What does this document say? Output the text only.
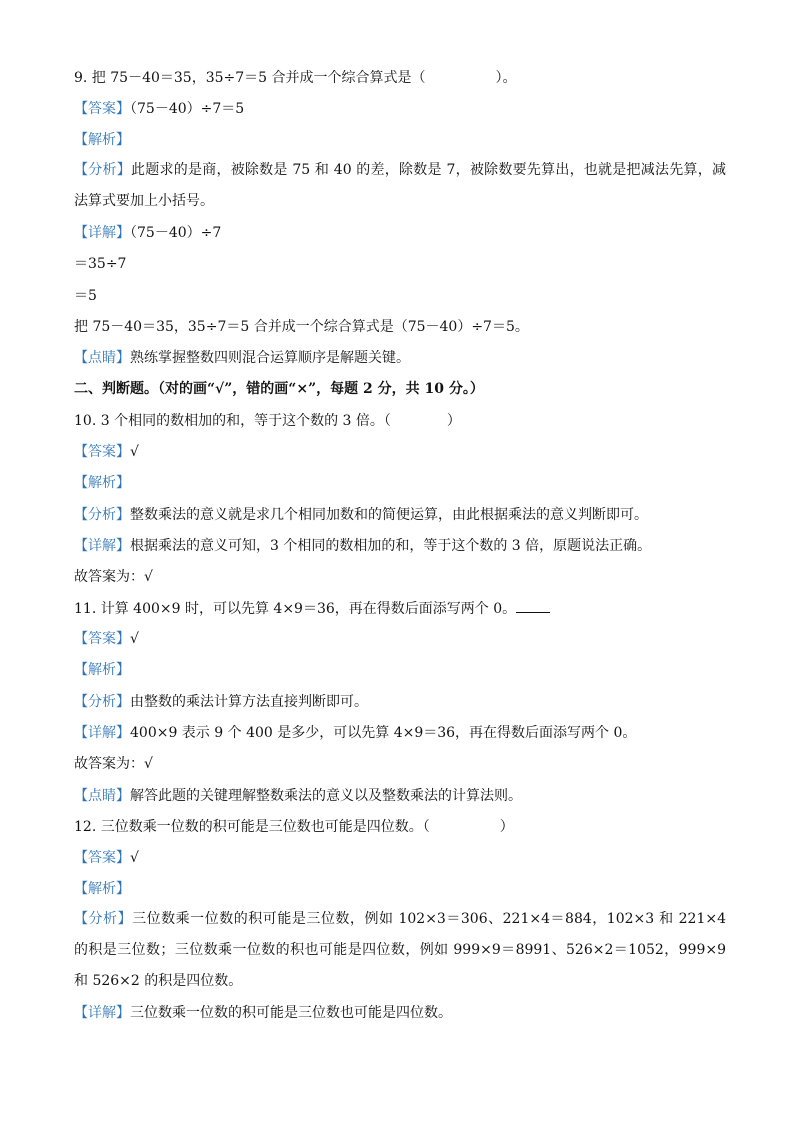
9. 把 75－40＝35，35÷7＝5 合并成一个综合算式是（　　　　　）。
【答案】（75－40）÷7＝5
【解析】
【分析】此题求的是商，被除数是 75 和 40 的差，除数是 7，被除数要先算出，也就是把减法先算，减法算式要加上小括号。
【详解】（75－40）÷7
＝35÷7
＝5
把 75－40＝35，35÷7＝5 合并成一个综合算式是（75－40）÷7＝5。
【点睛】熟练掌握整数四则混合运算顺序是解题关键。
二、判断题。（对的画“√”，错的画“×”，每题 2 分，共 10 分。）
10. 3 个相同的数相加的和，等于这个数的 3 倍。（　　　　）
【答案】√
【解析】
【分析】整数乘法的意义就是求几个相同加数和的简便运算，由此根据乘法的意义判断即可。
【详解】根据乘法的意义可知，3 个相同的数相加的和，等于这个数的 3 倍，原题说法正确。
故答案为：√
11. 计算 400×9 时，可以先算 4×9＝36，再在得数后面添写两个 0。
【答案】√
【解析】
【分析】由整数的乘法计算方法直接判断即可。
【详解】400×9 表示 9 个 400 是多少，可以先算 4×9＝36，再在得数后面添写两个 0。
故答案为：√
【点睛】解答此题的关键理解整数乘法的意义以及整数乘法的计算法则。
12. 三位数乘一位数的积可能是三位数也可能是四位数。（　　　　　）
【答案】√
【解析】
【分析】三位数乘一位数的积可能是三位数，例如 102×3＝306、221×4＝884，102×3 和 221×4 的积是三位数；三位数乘一位数的积也可能是四位数，例如 999×9＝8991、526×2＝1052，999×9 和 526×2 的积是四位数。
【详解】三位数乘一位数的积可能是三位数也可能是四位数。
